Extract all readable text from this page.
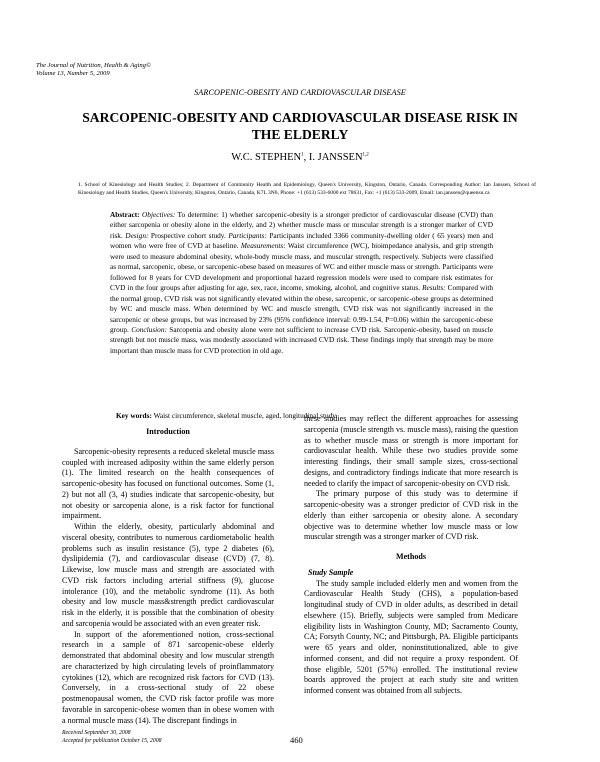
The Journal of Nutrition, Health & Aging©
Volume 13, Number 5, 2009
SARCOPENIC-OBESITY AND CARDIOVASCULAR DISEASE
SARCOPENIC-OBESITY AND CARDIOVASCULAR DISEASE RISK IN THE ELDERLY
W.C. STEPHEN$^1$, I. JANSSEN$^{1,2}$
1. School of Kinesiology and Health Studies; 2. Department of Community Health and Epidemiology, Queen's University, Kingston, Ontario, Canada. Corresponding Author: Ian Janssen, School of Kinesiology and Health Studies, Queen's University, Kingston, Ontario, Canada, K7L 3N6, Phone: +1 (613) 533-6000 ext 78631, Fax: +1 (613) 533-2009, Email: ian.janssen@queensu.ca
Abstract: Objectives: To determine: 1) whether sarcopenic-obesity is a stronger predictor of cardiovascular disease (CVD) than either sarcopenia or obesity alone in the elderly, and 2) whether muscle mass or muscular strength is a stronger marker of CVD risk. Design: Prospective cohort study. Participants: Participants included 3366 community-dwelling older ( 65 years) men and women who were free of CVD at baseline. Measurements: Waist circumference (WC), bioimpedance analysis, and grip strength were used to measure abdominal obesity, whole-body muscle mass, and muscular strength, respectively. Subjects were classified as normal, sarcopenic, obese, or sarcopenic-obese based on measures of WC and either muscle mass or strength. Participants were followed for 8 years for CVD development and proportional hazard regression models were used to compare risk estimates for CVD in the four groups after adjusting for age, sex, race, income, smoking, alcohol, and cognitive status. Results: Compared with the normal group, CVD risk was not significantly elevated within the obese, sarcopenic, or sarcopenic-obese groups as determined by WC and muscle mass. When determined by WC and muscle strength, CVD risk was not significantly increased in the sarcopenic or obese groups, but was increased by 23% (95% confidence interval: 0.99-1.54, P=0.06) within the sarcopenic-obese group. Conclusion: Sarcopenia and obesity alone were not sufficient to increase CVD risk. Sarcopenic-obesity, based on muscle strength but not muscle mass, was modestly associated with increased CVD risk. These findings imply that strength may be more important than muscle mass for CVD protection in old age.
Key words: Waist circumference, skeletal muscle, aged, longitudinal study.

Introduction

Sarcopenic-obesity represents a reduced skeletal muscle mass coupled with increased adiposity within the same elderly person (1). The limited research on the health consequences of sarcopenic-obesity has focused on functional outcomes. Some (1, 2) but not all (3, 4) studies indicate that sarcopenic-obesity, but not obesity or sarcopenia alone, is a risk factor for functional impairment.

Within the elderly, obesity, particularly abdominal and visceral obesity, contributes to numerous cardiometabolic health problems such as insulin resistance (5), type 2 diabetes (6), dyslipidemia (7), and cardiovascular disease (CVD) (7, 8). Likewise, low muscle mass and strength are associated with CVD risk factors including arterial stiffness (9), glucose intolerance (10), and the metabolic syndrome (11). As both obesity and low muscle mass&strength predict cardiovascular risk in the elderly, it is possible that the combination of obesity and sarcopenia would be associated with an even greater risk.

In support of the aforementioned notion, cross-sectional research in a sample of 871 sarcopenic-obese elderly demonstrated that abdominal obesity and low muscular strength are characterized by high circulating levels of proinflammatory cytokines (12), which are recognized risk factors for CVD (13). Conversely, in a cross-sectional study of 22 obese postmenopausal women, the CVD risk factor profile was more favorable in sarcopenic-obese women than in obese women with a normal muscle mass (14). The discrepant findings in

these studies may reflect the different approaches for assessing sarcopenia (muscle strength vs. muscle mass), raising the question as to whether muscle mass or strength is more important for cardiovascular health. While these two studies provide some interesting findings, their small sample sizes, cross-sectional designs, and contradictory findings indicate that more research is needed to clarify the impact of sarcopenic-obesity on CVD risk.

The primary purpose of this study was to determine if sarcopenic-obesity was a stronger predictor of CVD risk in the elderly than either sarcopenia or obesity alone. A secondary objective was to determine whether low muscle mass or low muscular strength was a stronger marker of CVD risk.

Methods

Study Sample

The study sample included elderly men and women from the Cardiovascular Health Study (CHS), a population-based longitudinal study of CVD in older adults, as described in detail elsewhere (15). Briefly, subjects were sampled from Medicare eligibility lists in Washington County, MD; Sacramento County, CA; Forsyth County, NC; and Pittsburgh, PA. Eligible participants were 65 years and older, noninstitutionalized, able to give informed consent, and did not require a proxy respondent. Of those eligible, 5201 (57%) enrolled. The institutional review boards approved the project at each study site and written informed consent was obtained from all subjects.

Received September 30, 2008
Accepted for publication October 15, 2008	460
